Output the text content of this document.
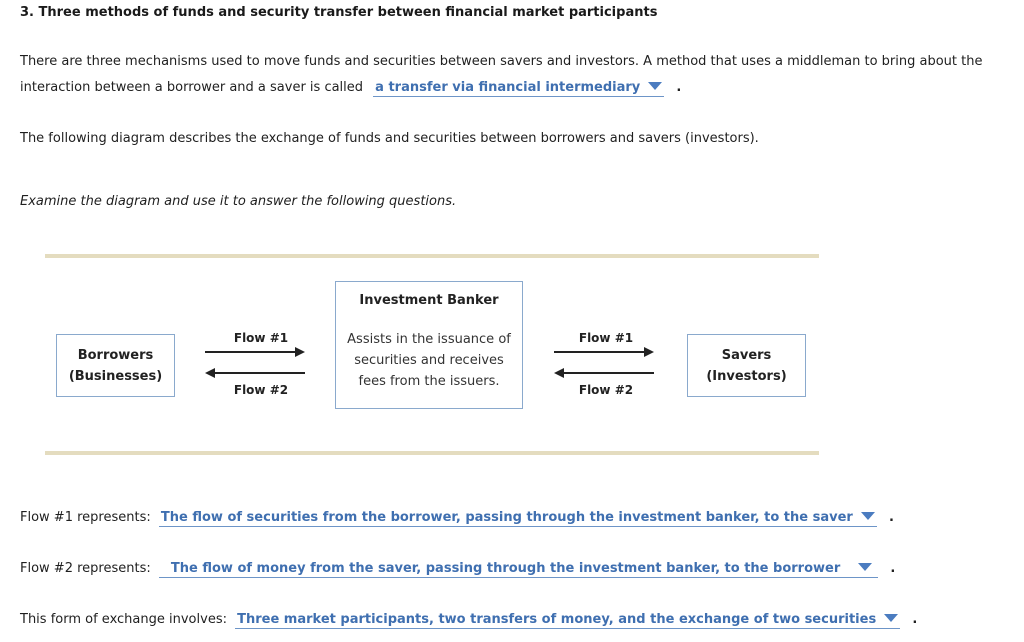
3. Three methods of funds and security transfer between financial market participants
There are three mechanisms used to move funds and securities between savers and investors. A method that uses a middleman to bring about the
interaction between a borrower and a saver is called a transfer via financial intermediary	.
The following diagram describes the exchange of funds and securities between borrowers and savers (investors).
Examine the diagram and use it to answer the following questions.
Borrowers
(Businesses)
Savers
(Investors)
Investment Banker
Assists in the issuance of
securities and receives
fees from the issuers.
Flow #1
Flow #2
Flow #1
Flow #2
Flow #1 represents: The flow of securities from the borrower, passing through the investment banker, to the saver	.
Flow #2 represents: The flow of money from the saver, passing through the investment banker, to the borrower	.
This form of exchange involves: Three market participants, two transfers of money, and the exchange of two securities	.
